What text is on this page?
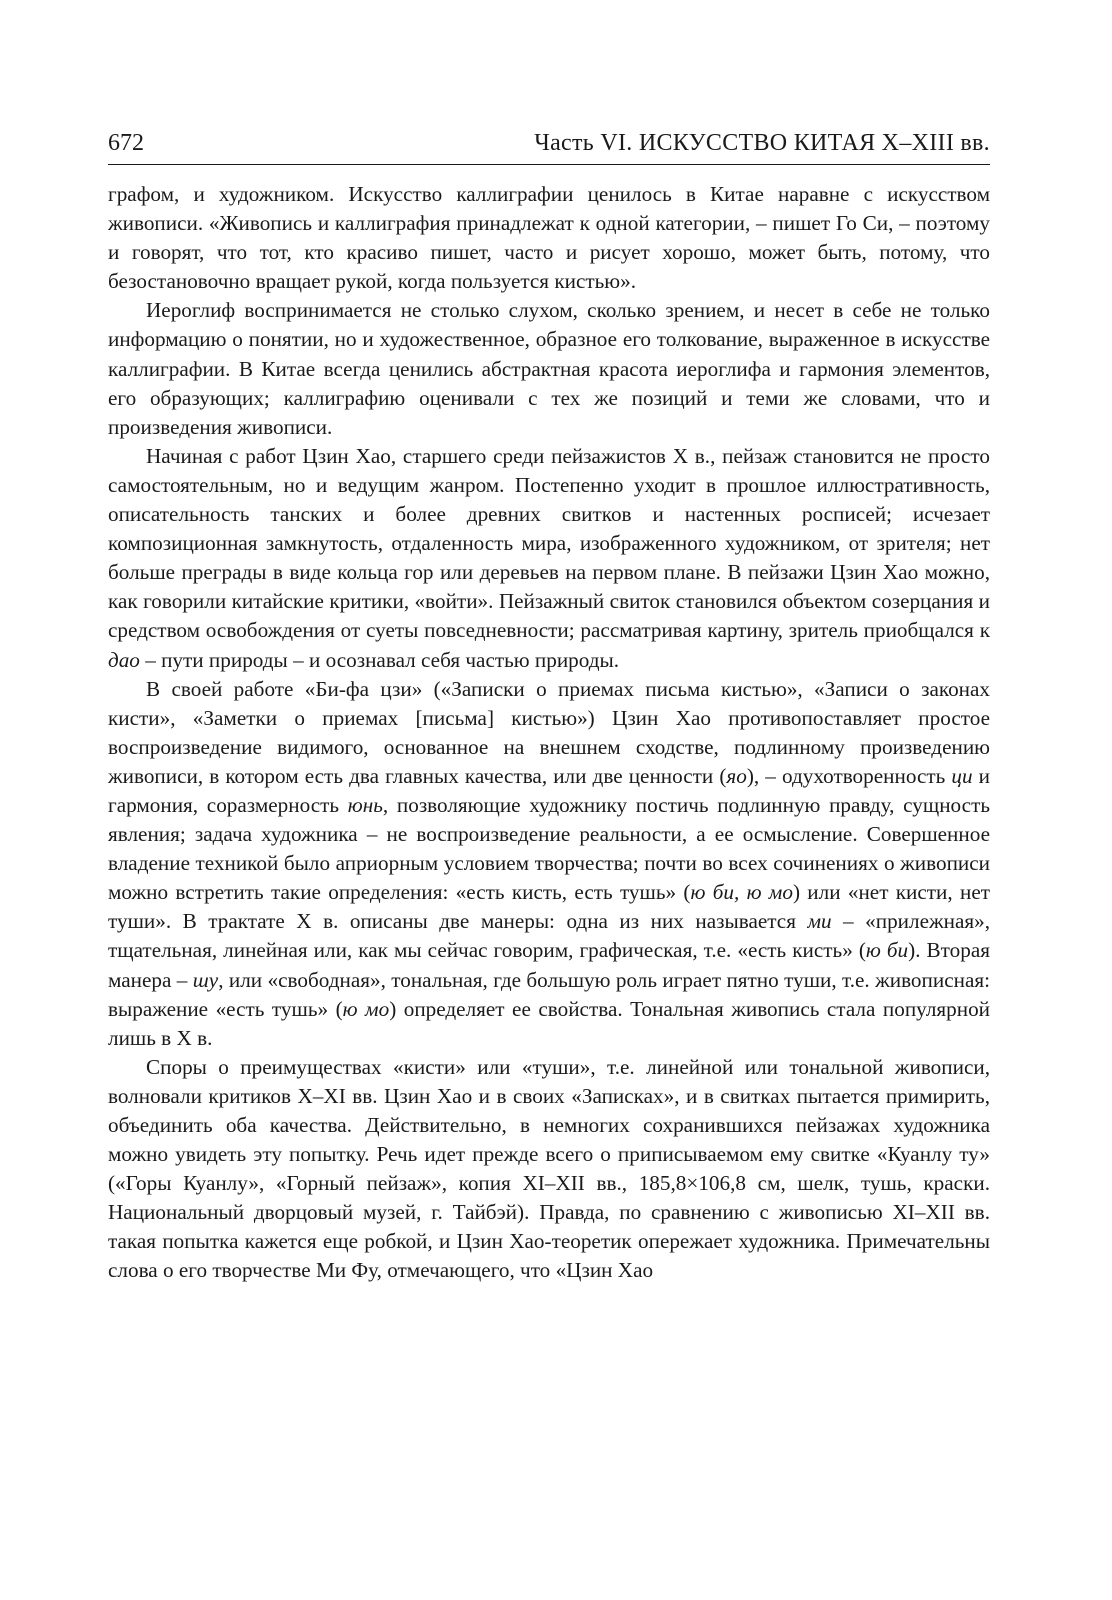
672	Часть VI. ИСКУССТВО КИТАЯ X–XIII вв.

графом, и художником. Искусство каллиграфии ценилось в Китае наравне с искусством живописи. «Живопись и каллиграфия принадлежат к одной категории, – пишет Го Си, – поэтому и говорят, что тот, кто красиво пишет, часто и рисует хорошо, может быть, потому, что безостановочно вращает рукой, когда пользуется кистью».

Иероглиф воспринимается не столько слухом, сколько зрением, и несет в себе не только информацию о понятии, но и художественное, образное его толкование, выраженное в искусстве каллиграфии. В Китае всегда ценились абстрактная красота иероглифа и гармония элементов, его образующих; каллиграфию оценивали с тех же позиций и теми же словами, что и произведения живописи.

Начиная с работ Цзин Хао, старшего среди пейзажистов X в., пейзаж становится не просто самостоятельным, но и ведущим жанром. Постепенно уходит в прошлое иллюстративность, описательность танских и более древних свитков и настенных росписей; исчезает композиционная замкнутость, отдаленность мира, изображенного художником, от зрителя; нет больше преграды в виде кольца гор или деревьев на первом плане. В пейзажи Цзин Хао можно, как говорили китайские критики, «войти». Пейзажный свиток становился объектом созерцания и средством освобождения от суеты повседневности; рассматривая картину, зритель приобщался к дао – пути природы – и осознавал себя частью природы.

В своей работе «Би-фа цзи» («Записки о приемах письма кистью», «Записи о законах кисти», «Заметки о приемах [письма] кистью») Цзин Хао противопоставляет простое воспроизведение видимого, основанное на внешнем сходстве, подлинному произведению живописи, в котором есть два главных качества, или две ценности (яо), – одухотворенность ци и гармония, соразмерность юнь, позволяющие художнику постичь подлинную правду, сущность явления; задача художника – не воспроизведение реальности, а ее осмысление. Совершенное владение техникой было априорным условием творчества; почти во всех сочинениях о живописи можно встретить такие определения: «есть кисть, есть тушь» (ю би, ю мо) или «нет кисти, нет туши». В трактате X в. описаны две манеры: одна из них называется ми – «прилежная», тщательная, линейная или, как мы сейчас говорим, графическая, т.е. «есть кисть» (ю би). Вторая манера – шу, или «свободная», тональная, где большую роль играет пятно туши, т.е. живописная: выражение «есть тушь» (ю мо) определяет ее свойства. Тональная живопись стала популярной лишь в X в.

Споры о преимуществах «кисти» или «туши», т.е. линейной или тональной живописи, волновали критиков X–XI вв. Цзин Хао и в своих «Записках», и в свитках пытается примирить, объединить оба качества. Действительно, в немногих сохранившихся пейзажах художника можно увидеть эту попытку. Речь идет прежде всего о приписываемом ему свитке «Куанлу ту» («Горы Куанлу», «Горный пейзаж», копия XI–XII вв., 185,8×106,8 см, шелк, тушь, краски. Национальный дворцовый музей, г. Тайбэй). Правда, по сравнению с живописью XI–XII вв. такая попытка кажется еще робкой, и Цзин Хао-теоретик опережает художника. Примечательны слова о его творчестве Ми Фу, отмечающего, что «Цзин Хао
